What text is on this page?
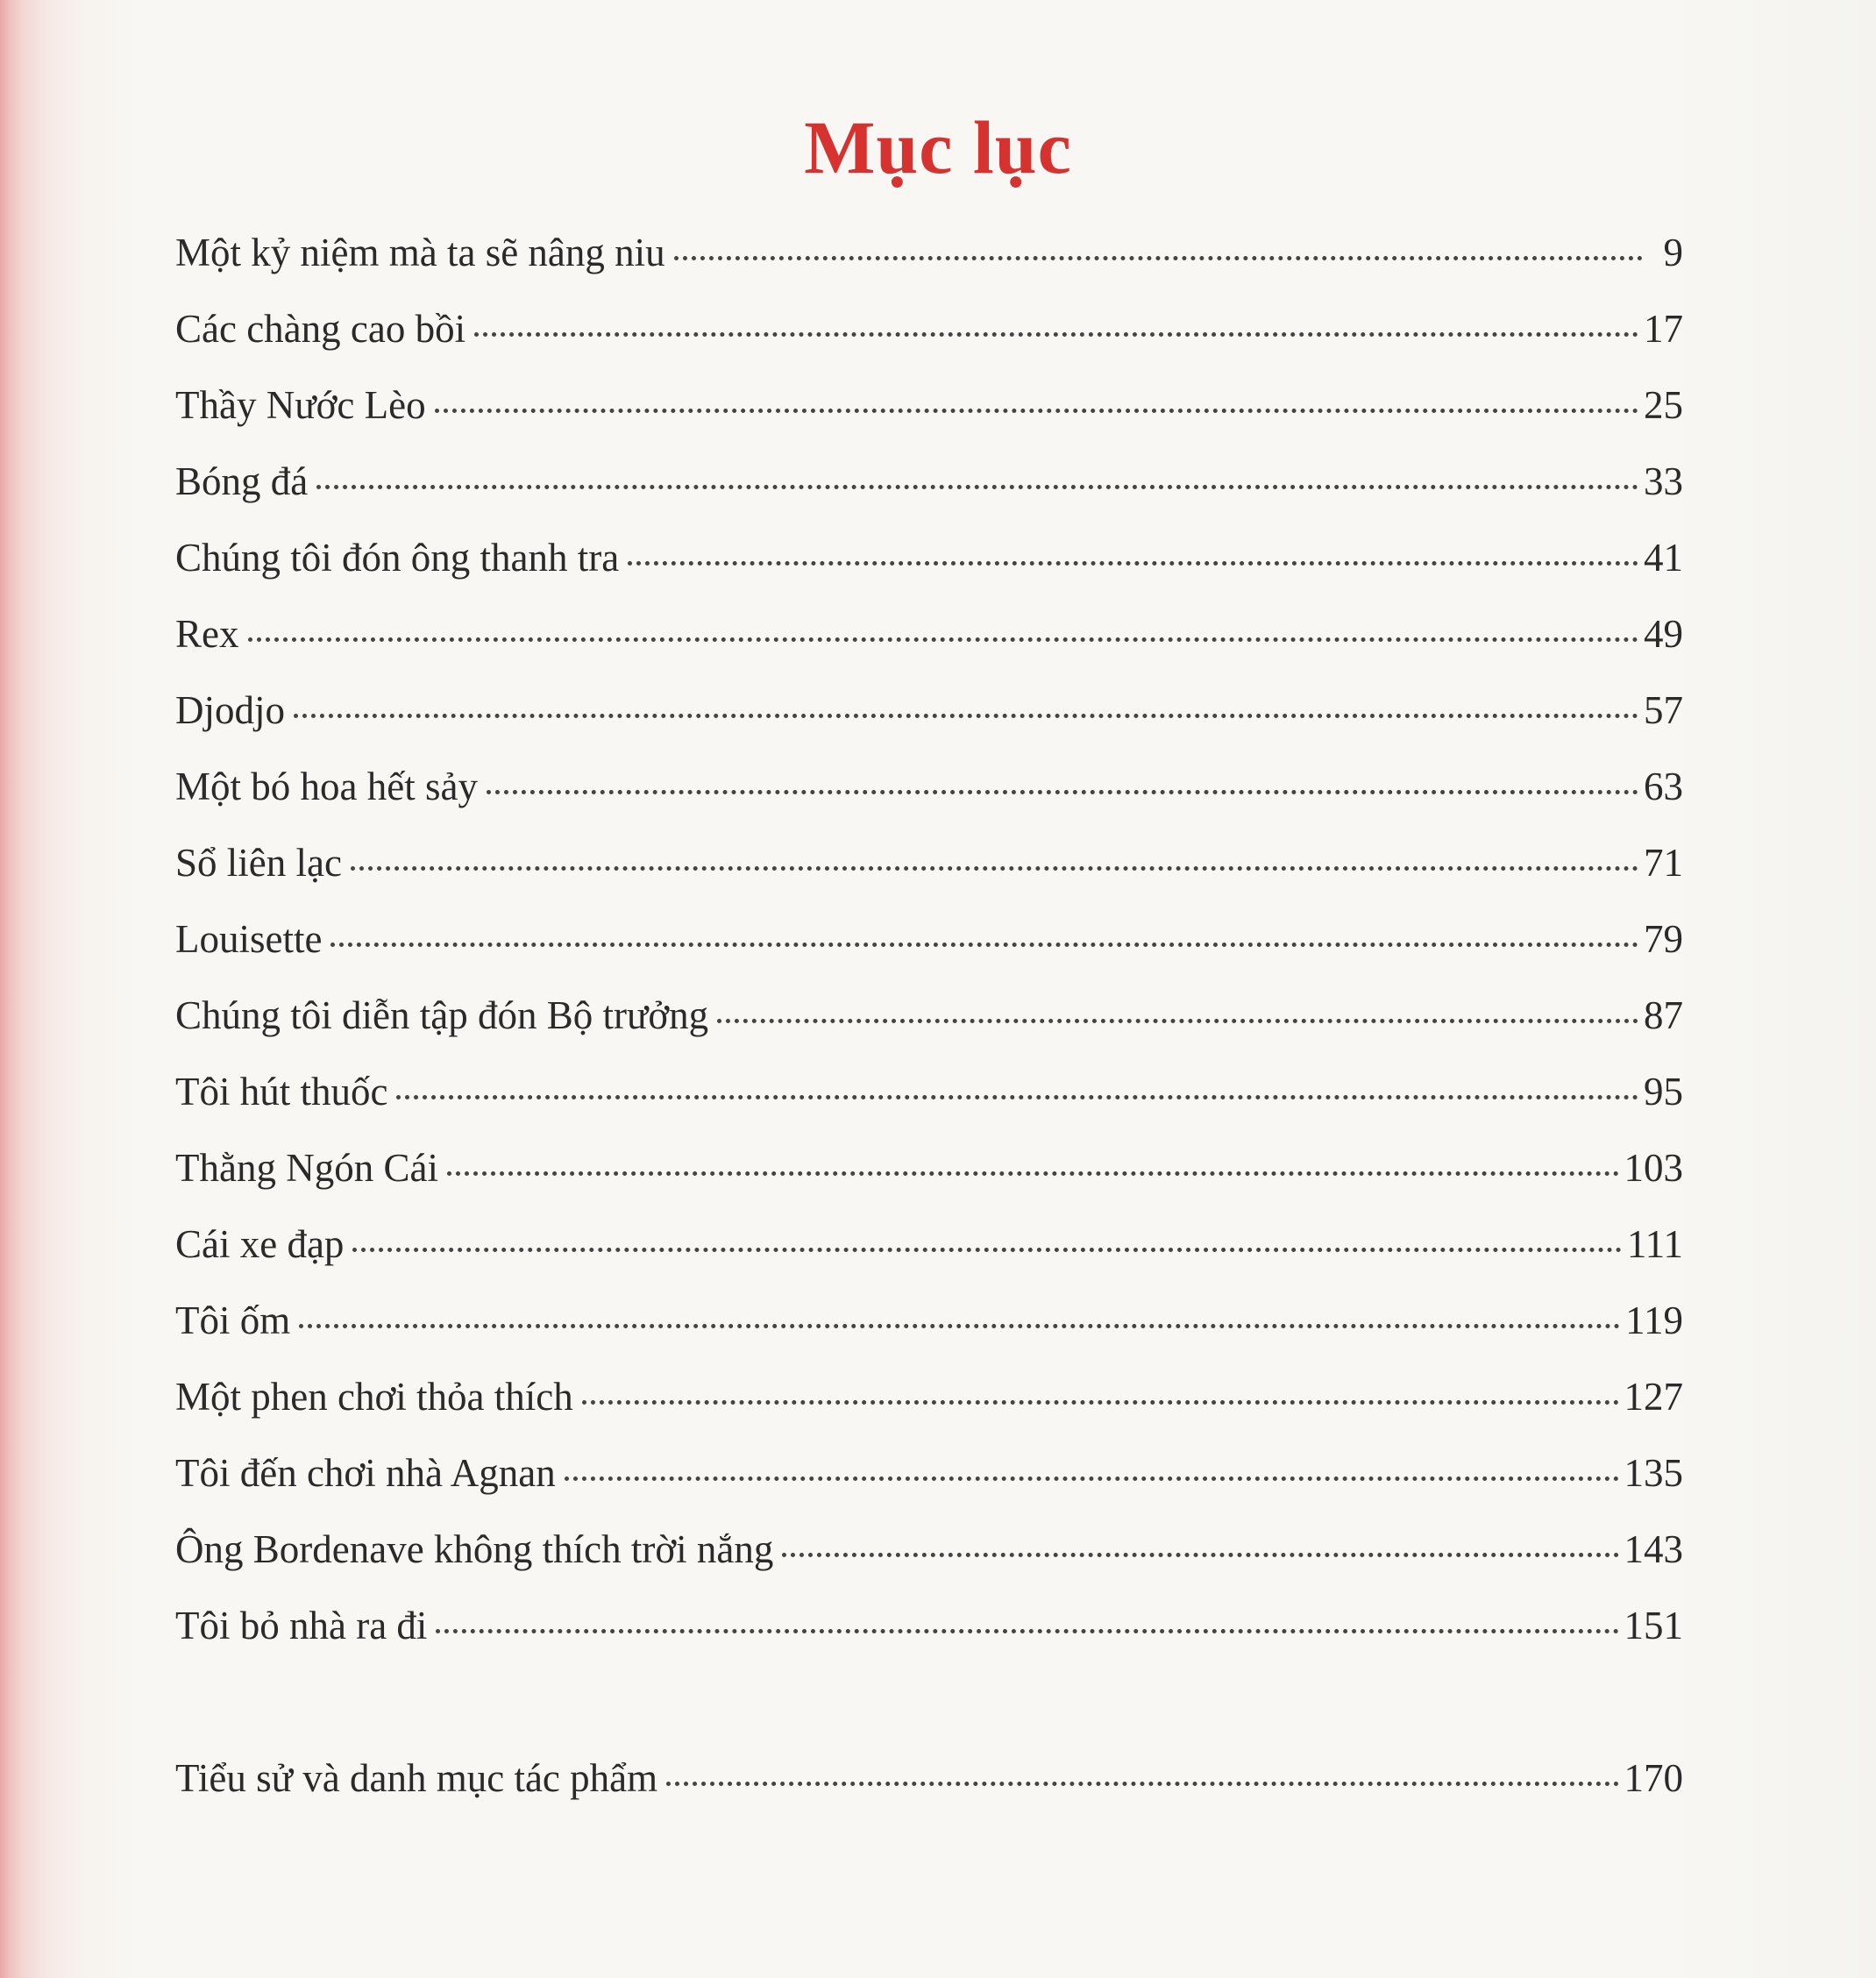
Mục lục
Một kỷ niệm mà ta sẽ nâng niu	9
Các chàng cao bồi	17
Thầy Nước Lèo	25
Bóng đá	33
Chúng tôi đón ông thanh tra	41
Rex	49
Djodjo	57
Một bó hoa hết sảy	63
Sổ liên lạc	71
Louisette	79
Chúng tôi diễn tập đón Bộ trưởng	87
Tôi hút thuốc	95
Thằng Ngón Cái	103
Cái xe đạp	111
Tôi ốm	119
Một phen chơi thỏa thích	127
Tôi đến chơi nhà Agnan	135
Ông Bordenave không thích trời nắng	143
Tôi bỏ nhà ra đi	151
Tiểu sử và danh mục tác phẩm	170
